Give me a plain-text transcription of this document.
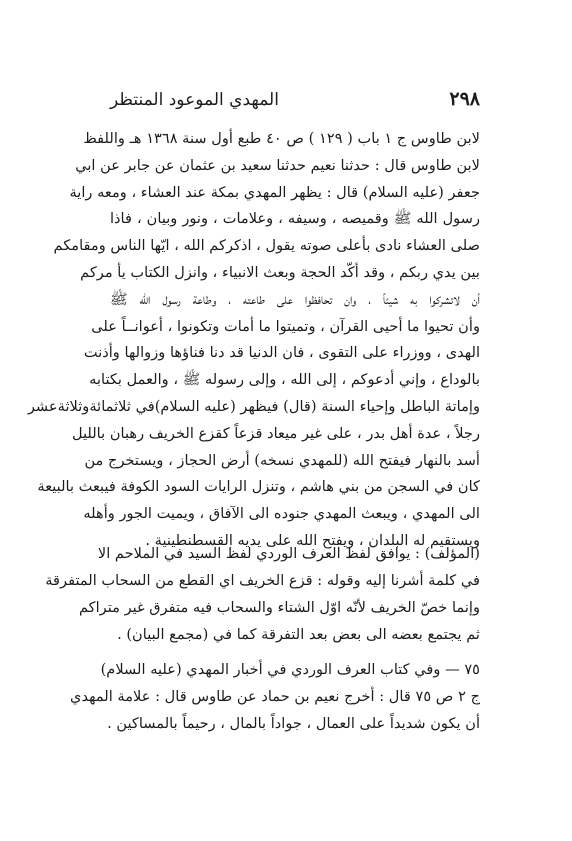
٢٩٨
المهدي الموعود المنتظر
لابن طاوس ج ١ باب ( ١٢٩ ) ص ٤٠ طبع أول سنة ١٣٦٨ هـ واللفظ
لابن طاوس قال : حدثنا نعيم حدثنا سعيد بن عثمان عن جابر عن ابي
جعفر (عليه السلام) قال : يظهر المهدي بمكة عند العشاء ، ومعه راية
رسول الله ﷺ وقميصه ، وسيفه ، وعلامات ، ونور وبيان ، فاذا
صلى العشاء نادى بأعلى صوته يقول ، اذكركم الله ، ايّها الناس ومقامكم
بين يدي ربكم ، وقد أكّد الحجة وبعث الانبياء ، وانزل الكتاب يأ مركم
أن لاتشركوا به شيئاً ، وان تحافظوا على طاعته ، وطاعة رسول الله ﷺ
وأن تحيوا ما أحيى القرآن ، وتميتوا ما أمات وتكونوا ، أعوانــاً على
الهدى ، ووزراء على التقوى ، فان الدنيا قد دنا فناؤها وزوالها وأذنت
بالوداع ، وإني أدعوكم ، إلى الله ، وإلى رسوله ﷺ ، والعمل بكتابه
وإماتة الباطل وإحياء السنة (قال) فيظهر (عليه السلام)في ثلاثمائةوثلاثةعشر
رجلاً ، عدة أهل بدر ، على غير ميعاد قزعاً كقزع الخريف رهبان بالليل
أسد بالنهار فيفتح الله (للمهدي نسخه) أرض الحجاز ، ويستخرج من
كان في السجن من بني هاشم ، وتنزل الرايات السود الكوفة فيبعث بالبيعة
الى المهدي ، ويبعث المهدي جنوده الى الآفاق ، ويميت الجور وأهله
ويستقيم له البلدان ، ويفتح الله على يديه القسطنطينية .
(المؤلف) : يوافق لفظ العرف الوردي لفظ السيد في الملاحم الا
في كلمة أشرنا إليه وقوله : قزع الخريف اي القطع من السحاب المتفرقة
وإنما خصّ الخريف لأنّه اوّل الشتاء والسحاب فيه متفرق غير متراكم
ثم يجتمع بعضه الى بعض بعد التفرقة كما في (مجمع البيان) .
٧٥ — وفي كتاب العرف الوردي في أخبار المهدي (عليه السلام)
ج ٢ ص ٧٥ قال : أخرج نعيم بن حماد عن طاوس قال : علامة المهدي
أن يكون شديداً على العمال ، جواداً بالمال ، رحيماً بالمساكين .
